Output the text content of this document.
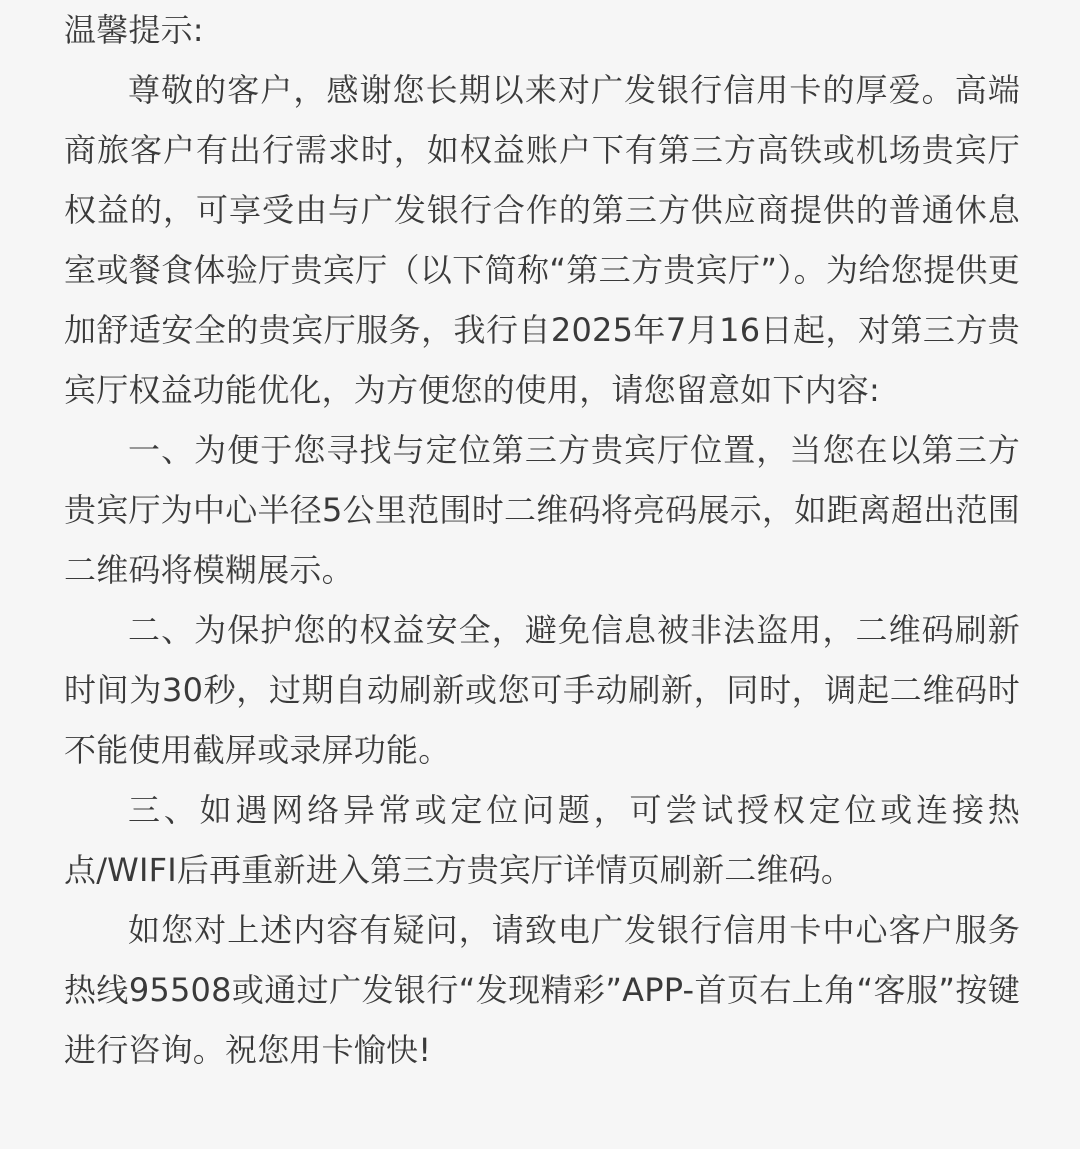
温馨提示:

尊敬的客户，感谢您长期以来对广发银行信用卡的厚爱。高端商旅客户有出行需求时，如权益账户下有第三方高铁或机场贵宾厅权益的，可享受由与广发银行合作的第三方供应商提供的普通休息室或餐食体验厅贵宾厅（以下简称“第三方贵宾厅”）。为给您提供更加舒适安全的贵宾厅服务，我行自2025年7月16日起，对第三方贵宾厅权益功能优化，为方便您的使用，请您留意如下内容:

一、为便于您寻找与定位第三方贵宾厅位置，当您在以第三方贵宾厅为中心半径5公里范围时二维码将亮码展示，如距离超出范围二维码将模糊展示。

二、为保护您的权益安全，避免信息被非法盗用，二维码刷新时间为30秒，过期自动刷新或您可手动刷新，同时，调起二维码时不能使用截屏或录屏功能。

三、如遇网络异常或定位问题，可尝试授权定位或连接热点/WIFI后再重新进入第三方贵宾厅详情页刷新二维码。

如您对上述内容有疑问，请致电广发银行信用卡中心客户服务热线95508或通过广发银行“发现精彩”APP-首页右上角“客服”按键进行咨询。祝您用卡愉快!
